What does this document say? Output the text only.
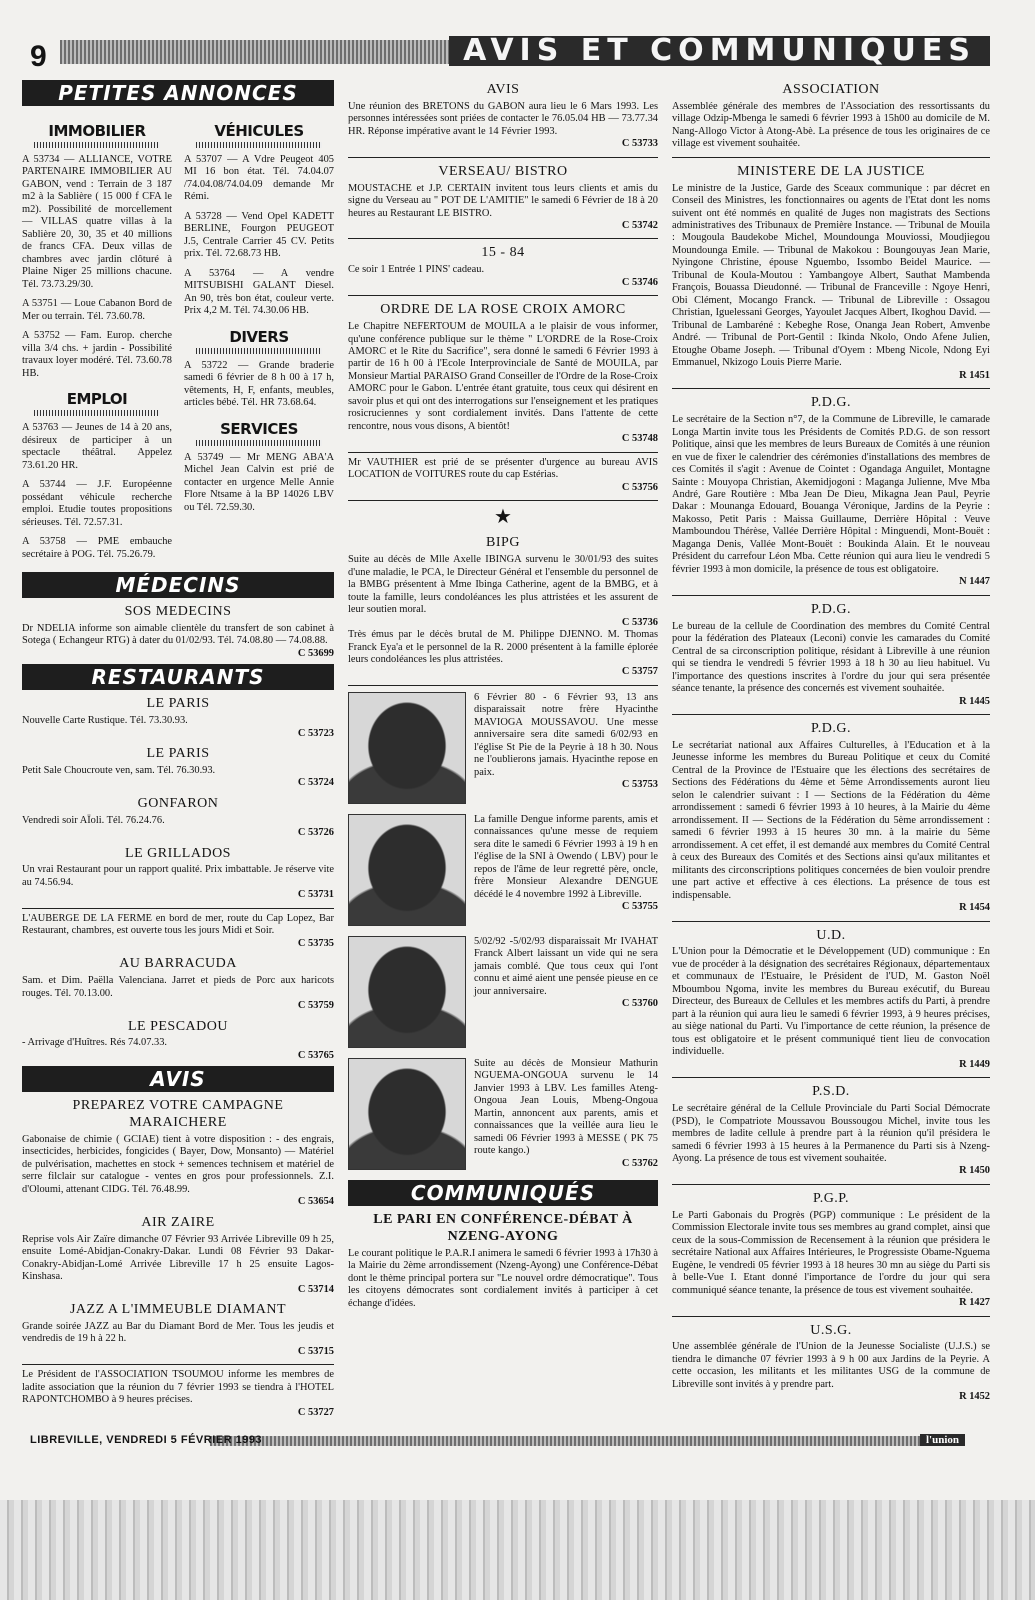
9	AVIS ET COMMUNIQUÉS
PETITES ANNONCES
IMMOBILIER
A 53734 — ALLIANCE, VOTRE PARTENAIRE IMMOBILIER AU GABON, vend : Terrain de 3 187 m2 à la Sablière ( 15 000 f CFA le m2). Possibilité de morcellement — VILLAS quatre villas à la Sablière 20, 30, 35 et 40 millions de francs CFA. Deux villas de chambres avec jardin clôturé à Plaine Niger 25 millions chacune. Tél. 73.73.29/30.
A 53751 — Loue Cabanon Bord de Mer ou terrain. Tél. 73.60.78.
A 53752 — Fam. Europ. cherche villa 3/4 chs. + jardin - Possibilité travaux loyer modéré. Tél. 73.60.78 HB.
EMPLOI
A 53763 — Jeunes de 14 à 20 ans, désireux de participer à un spectacle théâtral. Appelez 73.61.20 HR.
A 53744 — J.F. Européenne possédant véhicule recherche emploi. Etudie toutes propositions sérieuses. Tél. 72.57.31.
A 53758 — PME embauche secrétaire à POG. Tél. 75.26.79.
VÉHICULES
A 53707 — A Vdre Peugeot 405 MI 16 bon état. Tél. 74.04.07 /74.04.08/74.04.09 demande Mr Rémi.
A 53728 — Vend Opel KADETT BERLINE, Fourgon PEUGEOT J.5, Centrale Carrier 45 CV. Petits prix. Tél. 72.68.73 HB.
A 53764 — A vendre MITSUBISHI GALANT Diesel. An 90, très bon état, couleur verte. Prix 4,2 M. Tél. 74.30.06 HB.
DIVERS
A 53722 — Grande braderie samedi 6 février de 8 h 00 à 17 h, vêtements, H, F, enfants, meubles, articles bébé. Tél. HR 73.68.64.
SERVICES
A 53749 — Mr MENG ABA'A Michel Jean Calvin est prié de contacter en urgence Melle Annie Flore Ntsame à la BP 14026 LBV ou Tél. 72.59.30.
MÉDECINS
SOS MEDECINS
Dr NDELIA informe son aimable clientèle du transfert de son cabinet à Sotega ( Echangeur RTG) à dater du 01/02/93. Tél. 74.08.80 — 74.08.88.
C 53699
RESTAURANTS
LE PARIS
Nouvelle Carte Rustique. Tél. 73.30.93.
C 53723
LE PARIS
Petit Sale Choucroute ven, sam. Tél. 76.30.93.
C 53724
GONFARON
Vendredi soir AÏoli. Tél. 76.24.76.
C 53726
LE GRILLADOS
Un vrai Restaurant pour un rapport qualité. Prix imbattable. Je réserve vite au 74.56.94.
C 53731
L'AUBERGE DE LA FERME en bord de mer, route du Cap Lopez, Bar Restaurant, chambres, est ouverte tous les jours Midi et Soir.
C 53735
AU BARRACUDA
Sam. et Dim. Paëlla Valenciana. Jarret et pieds de Porc aux haricots rouges. Tél. 70.13.00.
C 53759
LE PESCADOU
- Arrivage d'Huîtres. Rés 74.07.33.
C 53765
AVIS
PREPAREZ VOTRE CAMPAGNE MARAICHERE
Gabonaise de chimie ( GCIAE) tient à votre disposition : - des engrais, insecticides, herbicides, fongicides ( Bayer, Dow, Monsanto) — Matériel de pulvérisation, machettes en stock + semences technisem et matériel de serre filclair sur catalogue - ventes en gros pour professionnels. Z.I. d'Oloumi, attenant CIDG. Tél. 76.48.99.
C 53654
AIR ZAIRE
Reprise vols Air Zaïre dimanche 07 Février 93 Arrivée Libreville 09 h 25, ensuite Lomé-Abidjan-Conakry-Dakar. Lundi 08 Février 93 Dakar-Conakry-Abidjan-Lomé Arrivée Libreville 17 h 25 ensuite Lagos-Kinshasa.
C 53714
JAZZ A L'IMMEUBLE DIAMANT
Grande soirée JAZZ au Bar du Diamant Bord de Mer. Tous les jeudis et vendredis de 19 h à 22 h.
C 53715
Le Président de l'ASSOCIATION TSOUMOU informe les membres de ladite association que la réunion du 7 février 1993 se tiendra à l'HOTEL RAPONTCHOMBO à 9 heures précises.
C 53727
AVIS
Une réunion des BRETONS du GABON aura lieu le 6 Mars 1993. Les personnes intéressées sont priées de contacter le 76.05.04 HB — 73.77.34 HR. Réponse impérative avant le 14 Février 1993.
C 53733
VERSEAU/ BISTRO
MOUSTACHE et J.P. CERTAIN invitent tous leurs clients et amis du signe du Verseau au " POT DE L'AMITIE" le samedi 6 Février de 18 à 20 heures au Restaurant LE BISTRO.
C 53742
15 - 84
Ce soir 1 Entrée 1 PINS' cadeau.
C 53746
ORDRE DE LA ROSE CROIX AMORC
Le Chapitre NEFERTOUM de MOUILA a le plaisir de vous informer, qu'une conférence publique sur le thème " L'ORDRE de la Rose-Croix AMORC et le Rite du Sacrifice", sera donné le samedi 6 Février 1993 à partir de 16 h 00 à l'Ecole Interprovinciale de Santé de MOUILA, par Monsieur Martial PARAISO Grand Conseiller de l'Ordre de la Rose-Croix AMORC pour le Gabon. L'entrée étant gratuite, tous ceux qui désirent en savoir plus et qui ont des interrogations sur l'enseignement et les pratiques rosicruciennes y sont cordialement invités. Dans l'attente de cette rencontre, nous vous disons, A bientôt!
C 53748
Mr VAUTHIER est prié de se présenter d'urgence au bureau AVIS LOCATION de VOITURES route du cap Estérias.
C 53756
★
BIPG
Suite au décès de Mlle Axelle IBINGA survenu le 30/01/93 des suites d'une maladie, le PCA, le Directeur Général et l'ensemble du personnel de la BMBG présentent à Mme Ibinga Catherine, agent de la BMBG, et à toute la famille, leurs condoléances les plus attristées et les assurent de leur soutien moral.
C 53736
Très émus par le décès brutal de M. Philippe DJENNO. M. Thomas Franck Eya'a et le personnel de la R. 2000 présentent à la famille éplorée leurs condoléances les plus attristées.
C 53757
6 Février 80 - 6 Février 93, 13 ans disparaissait notre frère Hyacinthe MAVIOGA MOUSSAVOU. Une messe anniversaire sera dite samedi 6/02/93 en l'église St Pie de la Peyrie à 18 h 30. Nous ne l'oublierons jamais. Hyacinthe repose en paix.
C 53753
La famille Dengue informe parents, amis et connaissances qu'une messe de requiem sera dite le samedi 6 Février 1993 à 19 h en l'église de la SNI à Owendo ( LBV) pour le repos de l'âme de leur regretté père, oncle, frère Monsieur Alexandre DENGUE décédé le 4 novembre 1992 à Libreville.
C 53755
5/02/92 -5/02/93 disparaissait Mr IVAHAT Franck Albert laissant un vide qui ne sera jamais comblé. Que tous ceux qui l'ont connu et aimé aient une pensée pieuse en ce jour anniversaire.
C 53760
Suite au décès de Monsieur Mathurin NGUEMA-ONGOUA survenu le 14 Janvier 1993 à LBV. Les familles Ateng-Ongoua Jean Louis, Mbeng-Ongoua Martin, annoncent aux parents, amis et connaissances que la veillée aura lieu le samedi 06 Février 1993 à MESSE ( PK 75 route kango.)
C 53762
COMMUNIQUÉS
LE PARI EN CONFÉRENCE-DÉBAT À NZENG-AYONG
Le courant politique le P.A.R.I animera le samedi 6 février 1993 à 17h30 à la Mairie du 2ème arrondissement (Nzeng-Ayong) une Conférence-Débat dont le thème principal portera sur "Le nouvel ordre démocratique". Tous les citoyens démocrates sont cordialement invités à participer à cet échange d'idées.
ASSOCIATION
Assemblée générale des membres de l'Association des ressortissants du village Odzip-Mbenga le samedi 6 février 1993 à 15h00 au domicile de M. Nang-Allogo Victor à Atong-Abè. La présence de tous les originaires de ce village est vivement souhaitée.
MINISTERE DE LA JUSTICE
Le ministre de la Justice, Garde des Sceaux communique : par décret en Conseil des Ministres, les fonctionnaires ou agents de l'Etat dont les noms suivent ont été nommés en qualité de Juges non magistrats des Sections administratives des Tribunaux de Première Instance. — Tribunal de Mouila : Mougoula Baudekobe Michel, Moundounga Mouviossi, Moudjiegou Moundounga Emile. — Tribunal de Makokou : Boungouyas Jean Marie, Nyingone Christine, épouse Nguembo, Issombo Beidel Maurice. — Tribunal de Koula-Moutou : Yambangoye Albert, Sauthat Mambenda François, Bouassa Dieudonné. — Tribunal de Franceville : Ngoye Henri, Obi Clément, Mocango Franck. — Tribunal de Libreville : Ossagou Christian, Iguelessani Georges, Yayoulet Jacques Albert, Ikoghou David. — Tribunal de Lambaréné : Kebeghe Rose, Onanga Jean Robert, Amvenbe André. — Tribunal de Port-Gentil : Ikinda Nkolo, Ondo Afene Julien, Etoughe Obame Joseph. — Tribunal d'Oyem : Mbeng Nicole, Ndong Eyi Emmanuel, Nkizogo Louis Pierre Marie.
R 1451
P.D.G.
Le secrétaire de la Section n°7, de la Commune de Libreville, le camarade Longa Martin invite tous les Présidents de Comités P.D.G. de son ressort Politique, ainsi que les membres de leurs Bureaux de Comités à une réunion en vue de fixer le calendrier des cérémonies d'installations des membres de ces Comités il s'agit : Avenue de Cointet : Ogandaga Anguilet, Montagne Sainte : Mouyopa Christian, Akemidjogoni : Maganga Julienne, Mve Mba André, Gare Routière : Mba Jean De Dieu, Mikagna Jean Paul, Peyrie Dakar : Mounanga Edouard, Bouanga Véronique, Jardins de la Peyrie : Makosso, Petit Paris : Maissa Guillaume, Derrière Hôpital : Veuve Mamboundou Thérèse, Vallée Derrière Hôpital : Minguendi, Mont-Bouët : Maganga Denis, Vallée Mont-Bouët : Boukinda Alain. Et le nouveau Président du carrefour Léon Mba. Cette réunion qui aura lieu le vendredi 5 février 1993 à mon domicile, la présence de tous est obligatoire.
N 1447
P.D.G.
Le bureau de la cellule de Coordination des membres du Comité Central pour la fédération des Plateaux (Leconi) convie les camarades du Comité Central de sa circonscription politique, résidant à Libreville à une réunion qui se tiendra le vendredi 5 février 1993 à 18 h 30 au lieu habituel. Vu l'importance des questions inscrites à l'ordre du jour qui sera présentée séance tenante, la présence des concernés est vivement souhaitée.
R 1445
P.D.G.
Le secrétariat national aux Affaires Culturelles, à l'Education et à la Jeunesse informe les membres du Bureau Politique et ceux du Comité Central de la Province de l'Estuaire que les élections des secrétaires de Sections des Fédérations du 4ème et 5ème Arrondissements auront lieu selon le calendrier suivant : I — Sections de la Fédération du 4ème arrondissement : samedi 6 février 1993 à 10 heures, à la Mairie du 4ème arrondissement. II — Sections de la Fédération du 5ème arrondissement : samedi 6 février 1993 à 15 heures 30 mn. à la mairie du 5ème arrondissement. A cet effet, il est demandé aux membres du Comité Central à ceux des Bureaux des Comités et des Sections ainsi qu'aux militantes et militants des circonscriptions politiques concernées de bien vouloir prendre une part active et effective à ces élections. La présence de tous est indispensable.
R 1454
U.D.
L'Union pour la Démocratie et le Développement (UD) communique : En vue de procéder à la désignation des secrétaires Régionaux, départementaux et communaux de l'Estuaire, le Président de l'UD, M. Gaston Noël Mboumbou Ngoma, invite les membres du Bureau exécutif, du Bureau Directeur, des Bureaux de Cellules et les membres actifs du Parti, à prendre part à la réunion qui aura lieu le samedi 6 février 1993, à 9 heures précises, au siège national du Parti. Vu l'importance de cette réunion, la présence de tous est obligatoire et le présent communiqué tient lieu de convocation individuelle.
R 1449
P.S.D.
Le secrétaire général de la Cellule Provinciale du Parti Social Démocrate (PSD), le Compatriote Moussavou Boussougou Michel, invite tous les membres de ladite cellule à prendre part à la réunion qu'il présidera le samedi 6 février 1993 à 15 heures à la Permanence du Parti sis à Nzeng-Ayong. La présence de tous est vivement souhaitée.
R 1450
P.G.P.
Le Parti Gabonais du Progrès (PGP) communique : Le président de la Commission Electorale invite tous ses membres au grand complet, ainsi que ceux de la sous-Commission de Recensement à la réunion que présidera le secrétaire National aux Affaires Intérieures, le Progressiste Obame-Nguema Eugène, le vendredi 05 février 1993 à 18 heures 30 mn au siège du Parti sis à belle-Vue I. Etant donné l'importance de l'ordre du jour qui sera communiqué séance tenante, la présence de tous est vivement souhaitée.
R 1427
U.S.G.
Une assemblée générale de l'Union de la Jeunesse Socialiste (U.J.S.) se tiendra le dimanche 07 février 1993 à 9 h 00 aux Jardins de la Peyrie. A cette occasion, les militants et les militantes USG de la commune de Libreville sont invités à y prendre part.
R 1452
LIBREVILLE, VENDREDI 5 FÉVRIER 1993	l'union
